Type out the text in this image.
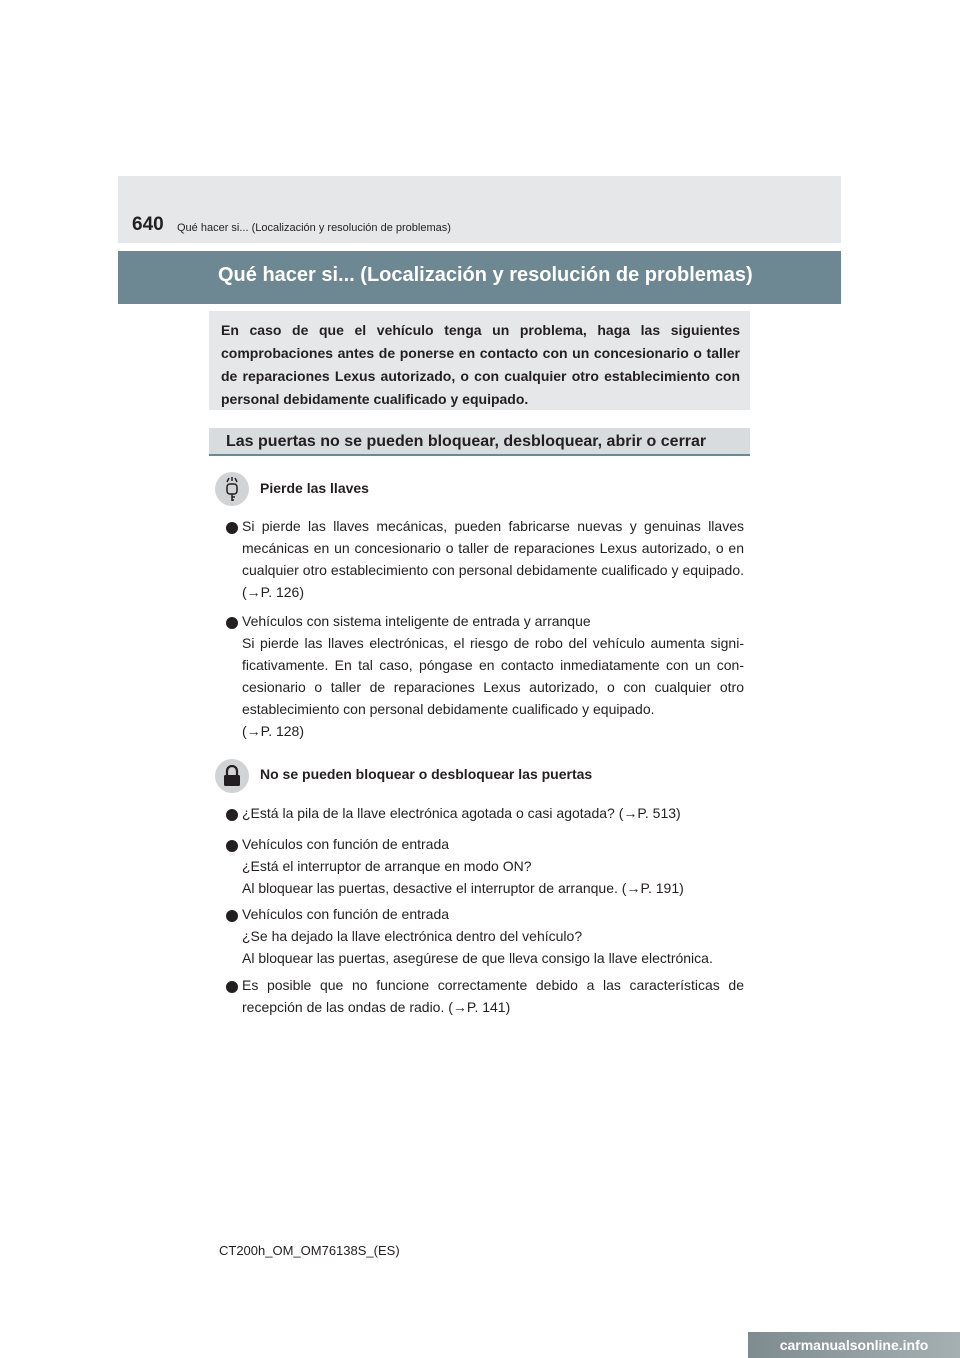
640 Qué hacer si... (Localización y resolución de problemas)
Qué hacer si... (Localización y resolución de problemas)
En caso de que el vehículo tenga un problema, haga las siguientes comprobaciones antes de ponerse en contacto con un concesionario o taller de reparaciones Lexus autorizado, o con cualquier otro establecimiento con personal debidamente cualificado y equipado.
Las puertas no se pueden bloquear, desbloquear, abrir o cerrar
Pierde las llaves

Si pierde las llaves mecánicas, pueden fabricarse nuevas y genuinas llaves mecánicas en un concesionario o taller de reparaciones Lexus autorizado, o en cualquier otro establecimiento con personal debidamente cualificado y equipado. (→P. 126)

Vehículos con sistema inteligente de entrada y arranque

Si pierde las llaves electrónicas, el riesgo de robo del vehículo aumenta significativamente. En tal caso, póngase en contacto inmediatamente con un concesionario o taller de reparaciones Lexus autorizado, o con cualquier otro establecimiento con personal debidamente cualificado y equipado.

(→P. 128)

No se pueden bloquear o desbloquear las puertas

¿Está la pila de la llave electrónica agotada o casi agotada? (→P. 513)

Vehículos con función de entrada

¿Está el interruptor de arranque en modo ON?

Al bloquear las puertas, desactive el interruptor de arranque. (→P. 191)

Vehículos con función de entrada

¿Se ha dejado la llave electrónica dentro del vehículo?

Al bloquear las puertas, asegúrese de que lleva consigo la llave electrónica.

Es posible que no funcione correctamente debido a las características de recepción de las ondas de radio. (→P. 141)

CT200h_OM_OM76138S_(ES)
carmanualsonline.info
